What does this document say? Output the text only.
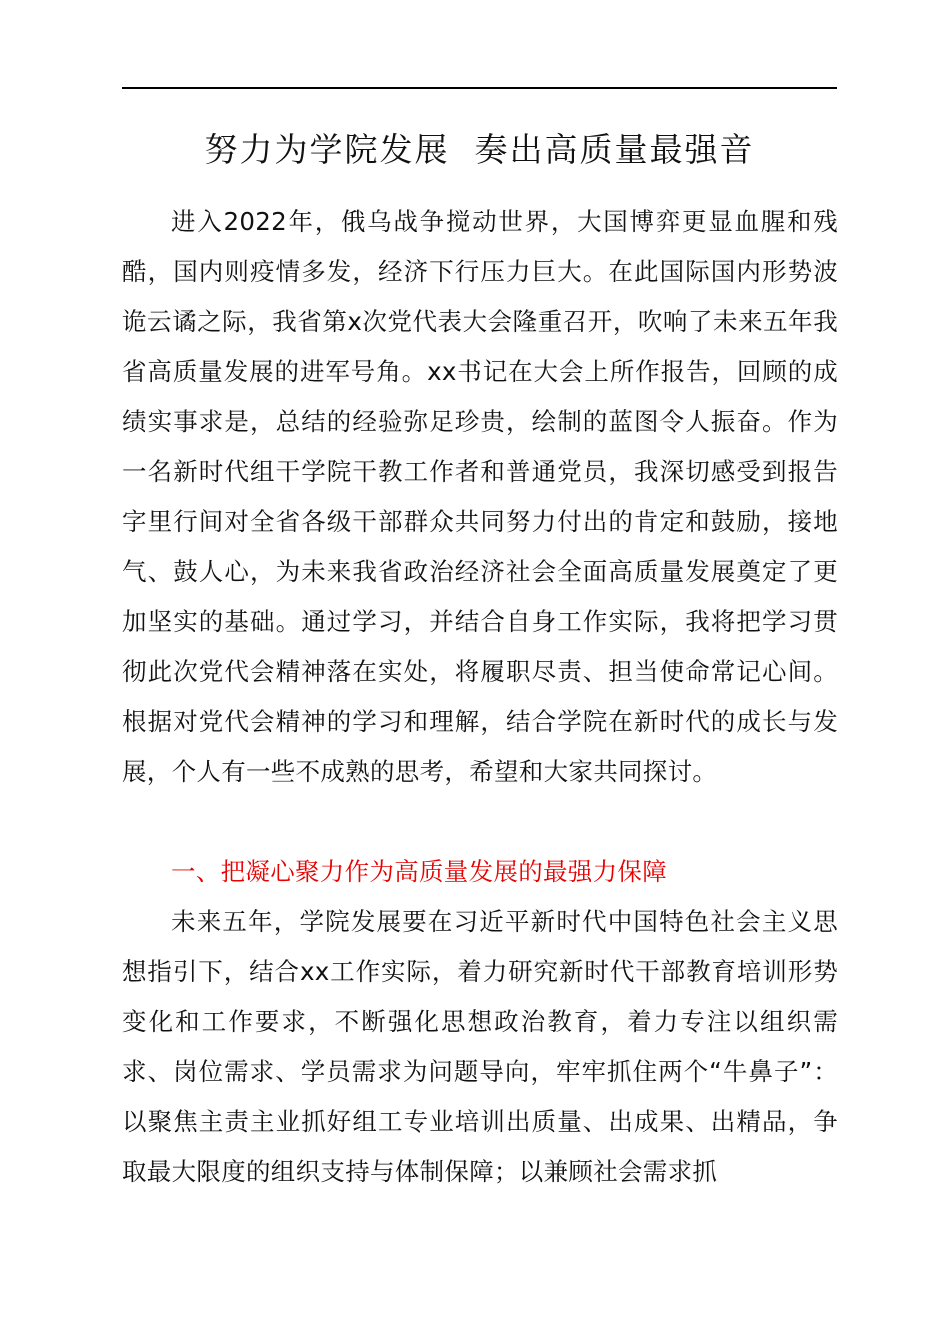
努力为学院发展  奏出高质量最强音

进入2022年，俄乌战争搅动世界，大国博弈更显血腥和残酷，国内则疫情多发，经济下行压力巨大。在此国际国内形势波诡云谲之际，我省第x次党代表大会隆重召开，吹响了未来五年我省高质量发展的进军号角。xx书记在大会上所作报告，回顾的成绩实事求是，总结的经验弥足珍贵，绘制的蓝图令人振奋。作为一名新时代组干学院干教工作者和普通党员，我深切感受到报告字里行间对全省各级干部群众共同努力付出的肯定和鼓励，接地气、鼓人心，为未来我省政治经济社会全面高质量发展奠定了更加坚实的基础。通过学习，并结合自身工作实际，我将把学习贯彻此次党代会精神落在实处，将履职尽责、担当使命常记心间。根据对党代会精神的学习和理解，结合学院在新时代的成长与发展，个人有一些不成熟的思考，希望和大家共同探讨。

一、把凝心聚力作为高质量发展的最强力保障

未来五年，学院发展要在习近平新时代中国特色社会主义思想指引下，结合xx工作实际，着力研究新时代干部教育培训形势变化和工作要求，不断强化思想政治教育，着力专注以组织需求、岗位需求、学员需求为问题导向，牢牢抓住两个“牛鼻子”：以聚焦主责主业抓好组工专业培训出质量、出成果、出精品，争取最大限度的组织支持与体制保障；以兼顾社会需求抓
